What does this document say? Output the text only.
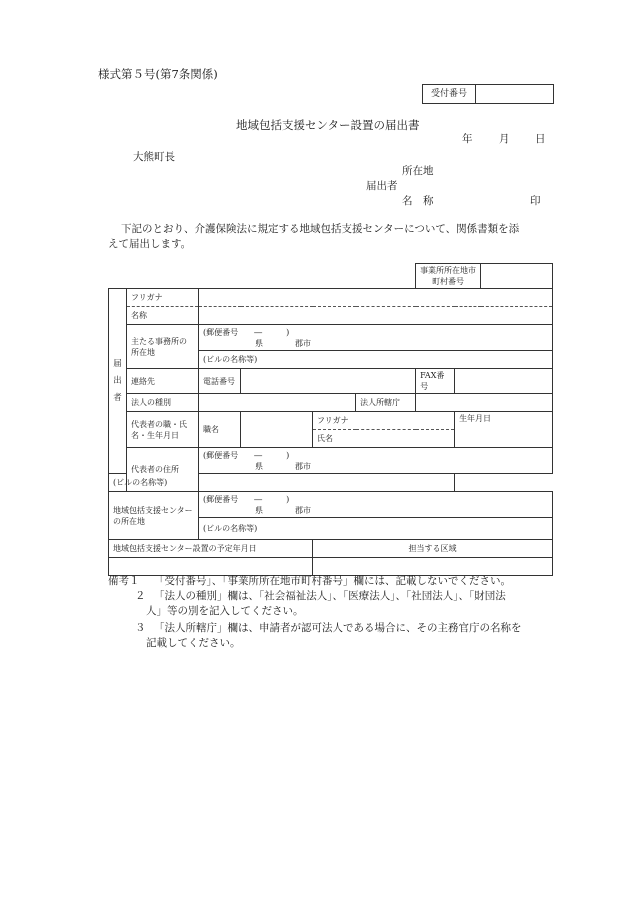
様式第５号(第7条関係)
受付番号
地域包括支援センター設置の届出書
年	月 日
大熊町長
所在地
届出者
名　称	印
下記のとおり、介護保険法に規定する地域包括支援センターについて、関係書類を添
えて届出します。
						事業所所在地市町村番号		
届
出
者	フリガナ							
	名称							
	主たる事務所の所在地	(郵便番号　　―　　　)
県　　　　郡市						

		(ビルの名称等)						
	連絡先	電話番号				FAX番号		
	法人の種別				法人所轄庁			
	代表者の職・氏名・生年月日	職名		フリガナ			生年月日	
				氏名				
	代表者の住所	(郵便番号　　―　　　)
県　　　　郡市						

(ビルの名称等)								
地域包括支援センターの所在地		(郵便番号　　―　　　)
県　　　　郡市						

		(ビルの名称等)						
地域包括支援センター設置の予定年月日				担当する区域				

備考１ 「受付番号」、「事業所所在地市町村番号」欄には、記載しないでください。
２ 「法人の種別」欄は、「社会福祉法人」、「医療法人」、「社団法人」、「財団法
人」等の別を記入してください。
３ 「法人所轄庁」欄は、申請者が認可法人である場合に、その主務官庁の名称を
記載してください。
